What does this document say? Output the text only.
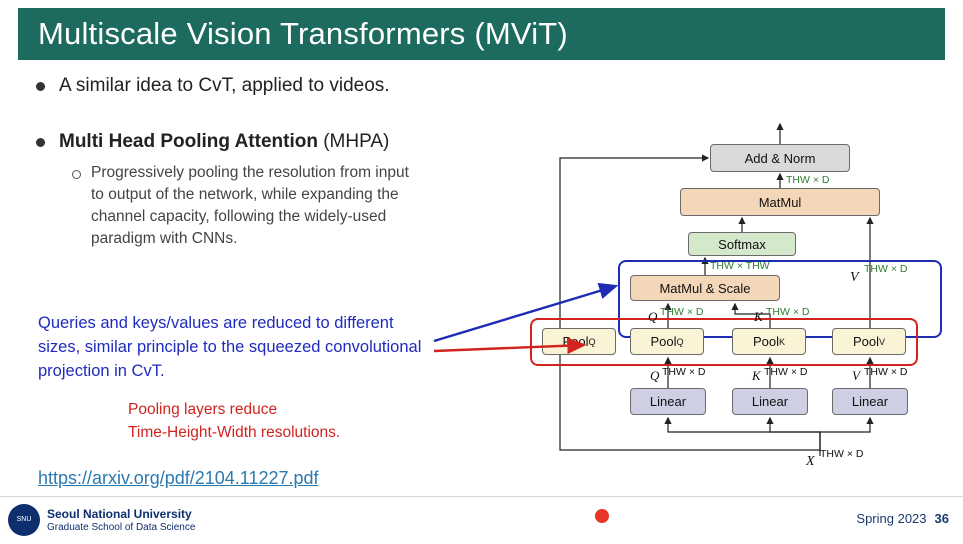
Multiscale Vision Transformers (MViT)
A similar idea to CvT, applied to videos.
Multi Head Pooling Attention (MHPA)
Progressively pooling the resolution from input to output of the network, while expanding the channel capacity, following the widely-used paradigm with CNNs.
Queries and keys/values are reduced to different sizes, similar principle to the squeezed convolutional projection in CvT.
Pooling layers reduce
Time-Height-Width resolutions.
https://arxiv.org/pdf/2104.11227.pdf
SNU	Seoul National University
Graduate School of Data Science
Spring 2023 36
Add & Norm
MatMul
Softmax
MatMul & Scale
Pool Q	Pool Q	Pool K	Pool V
Linear	Linear	Linear
THW × D
THW × THW
V
THW × D
Q THW × D	K THW × D
Q THW × D	K THW × D	V THW × D
X THW × D
